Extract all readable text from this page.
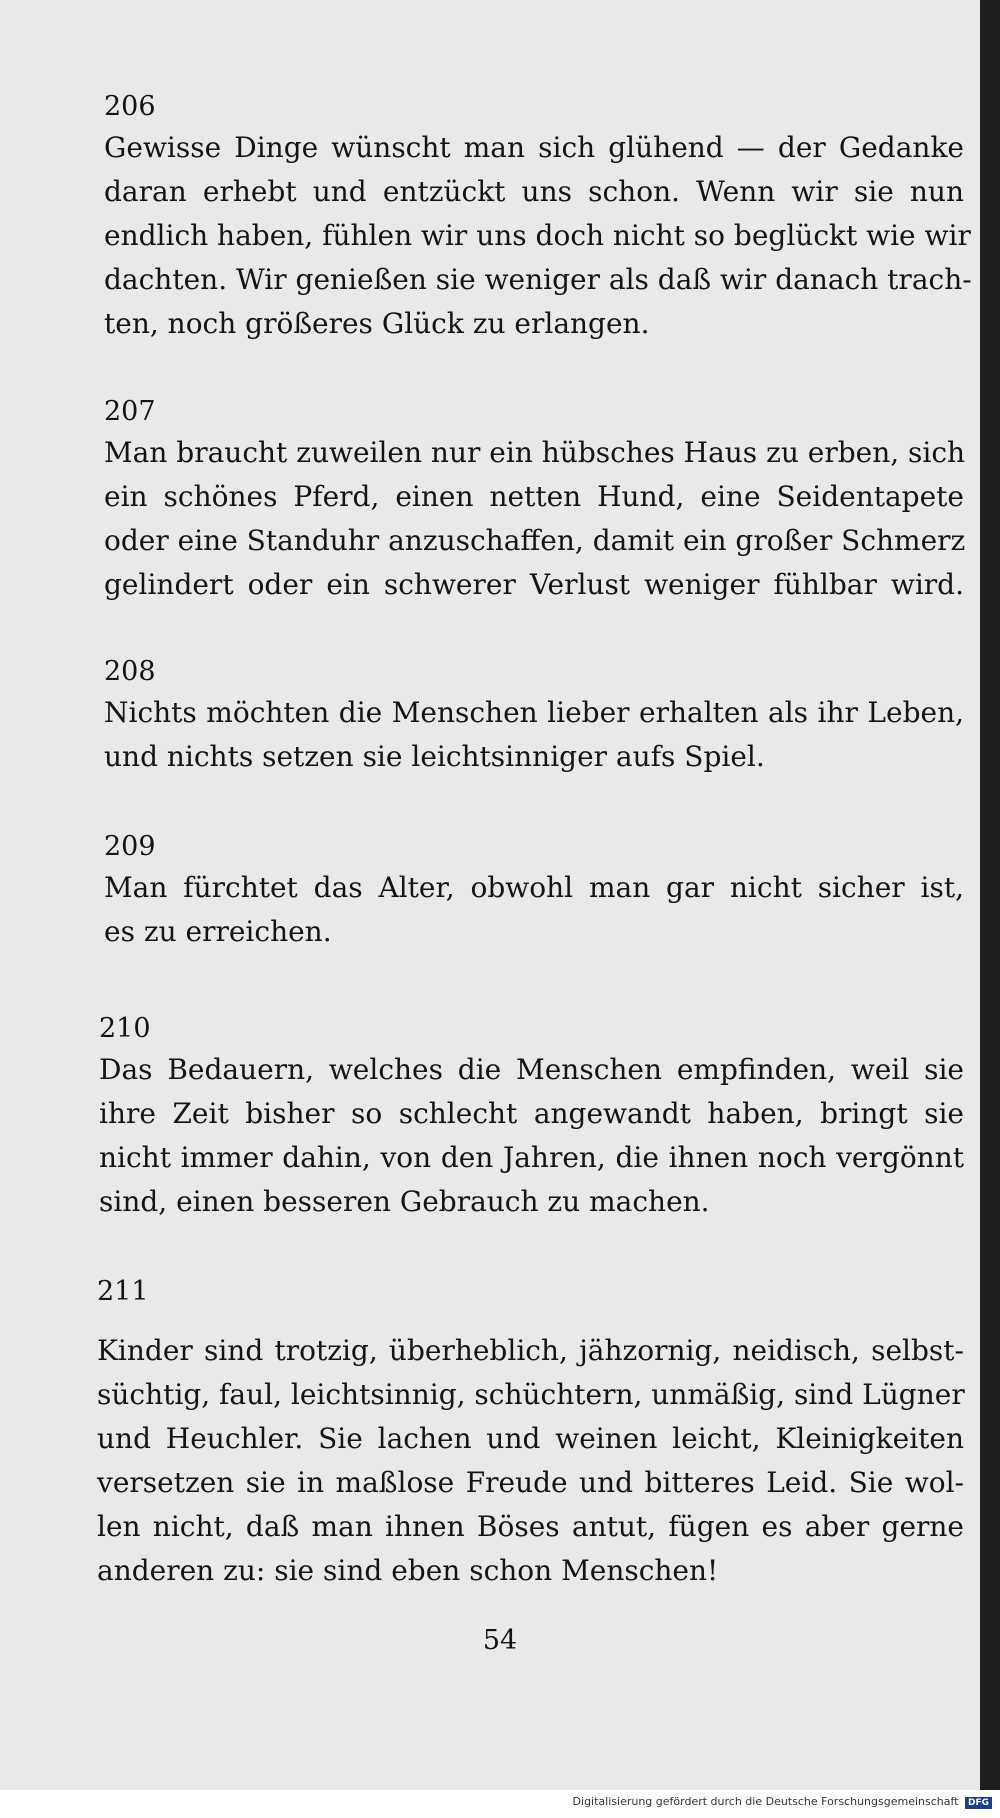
206

Gewisse Dinge wünscht man sich glühend — der Gedanke
daran erhebt und entzückt uns schon. Wenn wir sie nun
endlich haben, fühlen wir uns doch nicht so beglückt wie wir
dachten. Wir genießen sie weniger als daß wir danach trach-
ten, noch größeres Glück zu erlangen.

207

Man braucht zuweilen nur ein hübsches Haus zu erben, sich
ein schönes Pferd, einen netten Hund, eine Seidentapete
oder eine Standuhr anzuschaffen, damit ein großer Schmerz
gelindert oder ein schwerer Verlust weniger fühlbar wird.

208

Nichts möchten die Menschen lieber erhalten als ihr Leben,
und nichts setzen sie leichtsinniger aufs Spiel.

209

Man fürchtet das Alter, obwohl man gar nicht sicher ist,
es zu erreichen.

210

Das Bedauern, welches die Menschen empfinden, weil sie
ihre Zeit bisher so schlecht angewandt haben, bringt sie
nicht immer dahin, von den Jahren, die ihnen noch vergönnt
sind, einen besseren Gebrauch zu machen.

211

Kinder sind trotzig, überheblich, jähzornig, neidisch, selbst-
süchtig, faul, leichtsinnig, schüchtern, unmäßig, sind Lügner
und Heuchler. Sie lachen und weinen leicht, Kleinigkeiten
versetzen sie in maßlose Freude und bitteres Leid. Sie wol-
len nicht, daß man ihnen Böses antut, fügen es aber gerne
anderen zu: sie sind eben schon Menschen!
54
Digitalisierung gefördert durch die Deutsche Forschungsgemeinschaft DFG
